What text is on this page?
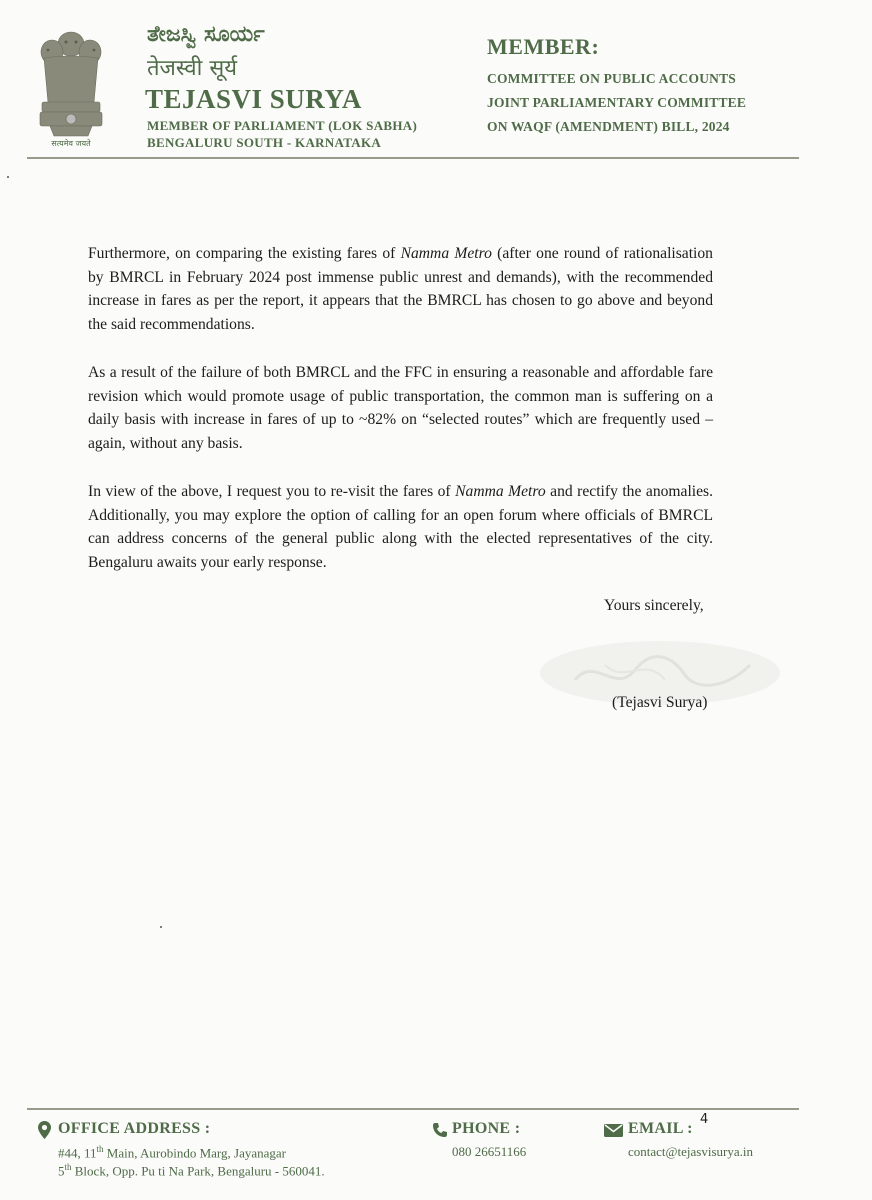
सत्यमेव जयते
ತೇಜಸ್ವಿ ಸೂರ್ಯ
तेजस्वी सूर्य
TEJASVI SURYA
MEMBER OF PARLIAMENT (LOK SABHA)
BENGALURU SOUTH - KARNATAKA
MEMBER:
COMMITTEE ON PUBLIC ACCOUNTS
JOINT PARLIAMENTARY COMMITTEE
ON WAQF (AMENDMENT) BILL, 2024

Furthermore, on comparing the existing fares of Namma Metro (after one round of rationalisation by BMRCL in February 2024 post immense public unrest and demands), with the recommended increase in fares as per the report, it appears that the BMRCL has chosen to go above and beyond the said recommendations.

As a result of the failure of both BMRCL and the FFC in ensuring a reasonable and affordable fare revision which would promote usage of public transportation, the common man is suffering on a daily basis with increase in fares of up to ~82% on “selected routes” which are frequently used – again, without any basis.

In view of the above, I request you to re-visit the fares of Namma Metro and rectify the anomalies. Additionally, you may explore the option of calling for an open forum where officials of BMRCL can address concerns of the general public along with the elected representatives of the city. Bengaluru awaits your early response.

Yours sincerely,
(Tejasvi Surya)
OFFICE ADDRESS :
#44, 11th Main, Aurobindo Marg, Jayanagar
5th Block, Opp. Pu ti Na Park, Bengaluru - 560041.
PHONE :
080 26651166
EMAIL :
4
contact@tejasvisurya.in
